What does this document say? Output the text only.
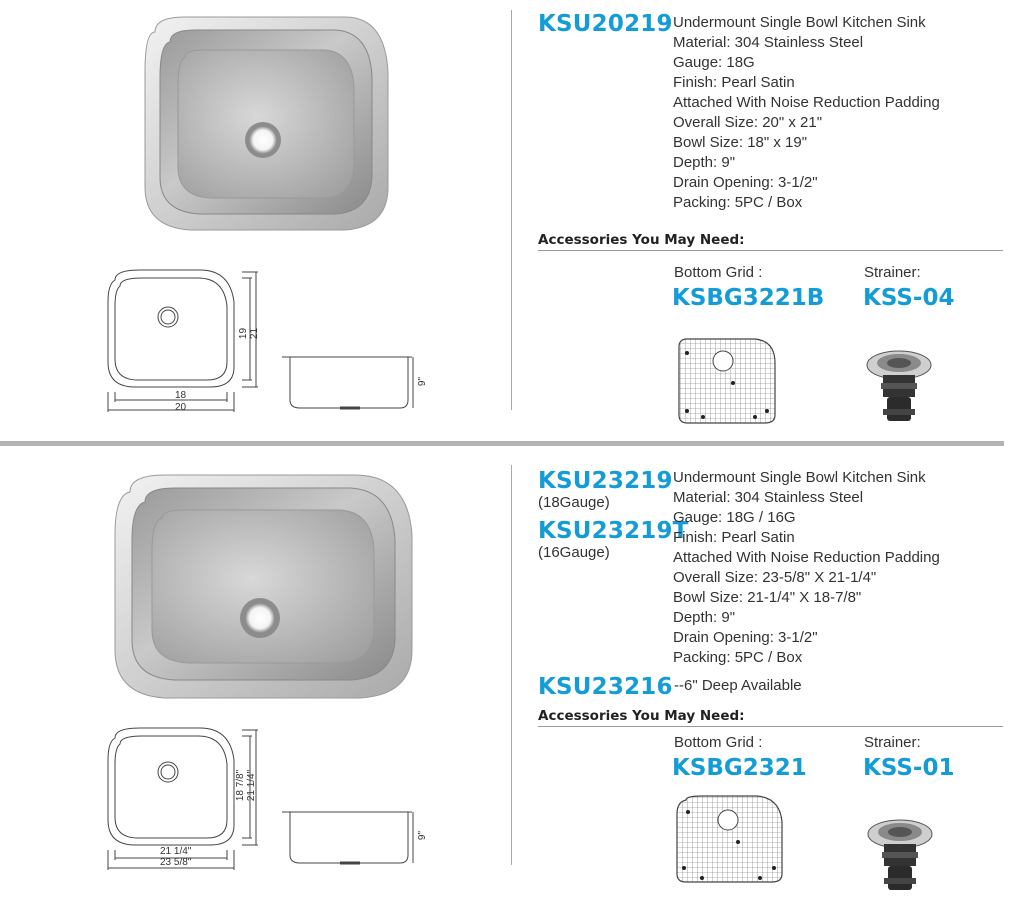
18
20
19 21
9"
KSU20219 Undermount Single Bowl Kitchen Sink
Material: 304 Stainless Steel
Gauge: 18G
Finish: Pearl Satin
Attached With Noise Reduction Padding
Overall Size: 20" x 21"
Bowl Size: 18" x 19"
Depth: 9"
Drain Opening: 3-1/2"
Packing: 5PC / Box
Accessories You May Need:
Bottom Grid :
KSBG3221B
Strainer:
KSS-04
21 1/4"
23 5/8"
18 7/8" 21 1/4"
9"
KSU23219
(18Gauge)
KSU23219T
(16Gauge)
Undermount Single Bowl Kitchen Sink
Material: 304 Stainless Steel
Gauge: 18G / 16G
Finish: Pearl Satin
Attached With Noise Reduction Padding
Overall Size: 23-5/8" X 21-1/4"
Bowl Size: 21-1/4" X 18-7/8"
Depth: 9"
Drain Opening: 3-1/2"
Packing: 5PC / Box
KSU23216 --6" Deep Available
Accessories You May Need:
Bottom Grid :
KSBG2321
Strainer:
KSS-01
